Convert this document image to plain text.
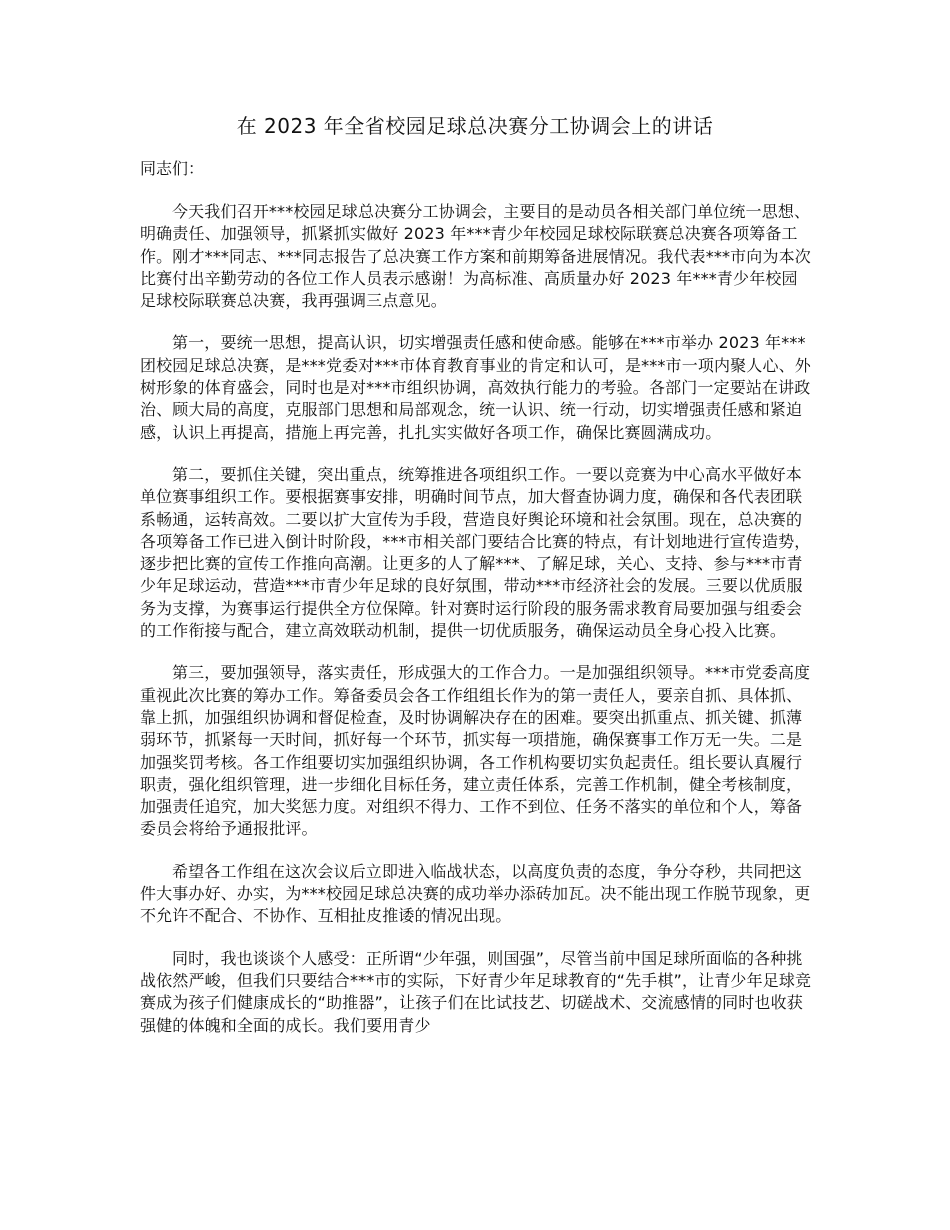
在 2023 年全省校园足球总决赛分工协调会上的讲话

同志们：

今天我们召开***校园足球总决赛分工协调会，主要目的是动员各相关部门单位统一思想、明确责任、加强领导，抓紧抓实做好 2023 年***青少年校园足球校际联赛总决赛各项筹备工作。刚才***同志、***同志报告了总决赛工作方案和前期筹备进展情况。我代表***市向为本次比赛付出辛勤劳动的各位工作人员表示感谢！为高标准、高质量办好 2023 年***青少年校园足球校际联赛总决赛，我再强调三点意见。

第一，要统一思想，提高认识，切实增强责任感和使命感。能够在***市举办 2023 年***团校园足球总决赛，是***党委对***市体育教育事业的肯定和认可，是***市一项内聚人心、外树形象的体育盛会，同时也是对***市组织协调，高效执行能力的考验。各部门一定要站在讲政治、顾大局的高度，克服部门思想和局部观念，统一认识、统一行动，切实增强责任感和紧迫感，认识上再提高，措施上再完善，扎扎实实做好各项工作，确保比赛圆满成功。

第二，要抓住关键，突出重点，统筹推进各项组织工作。一要以竞赛为中心高水平做好本单位赛事组织工作。要根据赛事安排，明确时间节点，加大督查协调力度，确保和各代表团联系畅通，运转高效。二要以扩大宣传为手段，营造良好舆论环境和社会氛围。现在，总决赛的各项筹备工作已进入倒计时阶段，***市相关部门要结合比赛的特点，有计划地进行宣传造势，逐步把比赛的宣传工作推向高潮。让更多的人了解***、了解足球，关心、支持、参与***市青少年足球运动，营造***市青少年足球的良好氛围，带动***市经济社会的发展。三要以优质服务为支撑，为赛事运行提供全方位保障。针对赛时运行阶段的服务需求教育局要加强与组委会的工作衔接与配合，建立高效联动机制，提供一切优质服务，确保运动员全身心投入比赛。

第三，要加强领导，落实责任，形成强大的工作合力。一是加强组织领导。***市党委高度重视此次比赛的筹办工作。筹备委员会各工作组组长作为的第一责任人，要亲自抓、具体抓、靠上抓，加强组织协调和督促检查，及时协调解决存在的困难。要突出抓重点、抓关键、抓薄弱环节，抓紧每一天时间，抓好每一个环节，抓实每一项措施，确保赛事工作万无一失。二是加强奖罚考核。各工作组要切实加强组织协调，各工作机构要切实负起责任。组长要认真履行职责，强化组织管理，进一步细化目标任务，建立责任体系，完善工作机制，健全考核制度，加强责任追究，加大奖惩力度。对组织不得力、工作不到位、任务不落实的单位和个人，筹备委员会将给予通报批评。

希望各工作组在这次会议后立即进入临战状态，以高度负责的态度，争分夺秒，共同把这件大事办好、办实，为***校园足球总决赛的成功举办添砖加瓦。决不能出现工作脱节现象，更不允许不配合、不协作、互相扯皮推诿的情况出现。

同时，我也谈谈个人感受：正所谓“少年强，则国强”，尽管当前中国足球所面临的各种挑战依然严峻，但我们只要结合***市的实际，下好青少年足球教育的“先手棋”，让青少年足球竞赛成为孩子们健康成长的“助推器”，让孩子们在比试技艺、切磋战术、交流感情的同时也收获强健的体魄和全面的成长。我们要用青少
